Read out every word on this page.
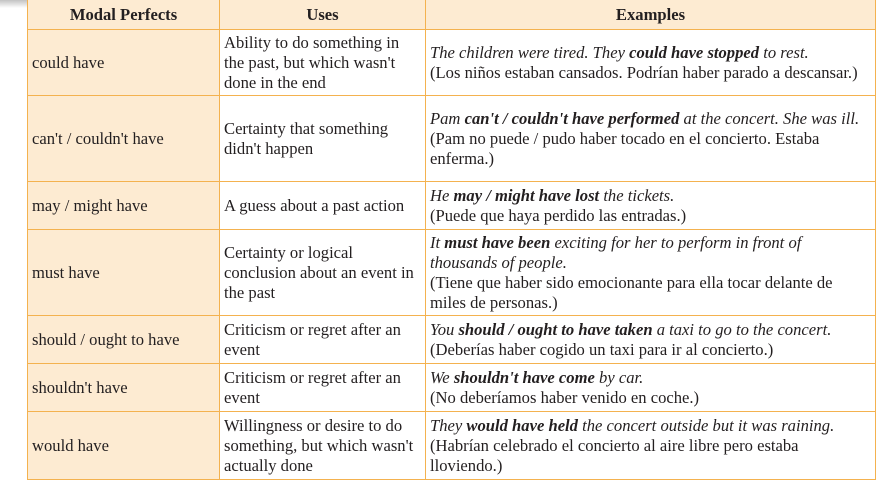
Modal Perfects	Uses	Examples
could have	Ability to do something in the past, but which wasn't done in the end	The children were tired. They could have stopped to rest.
(Los niños estaban cansados. Podrían haber parado a descansar.)

can't / couldn't have	Certainty that something didn't happen	Pam can't / couldn't have performed at the concert. She was ill.
(Pam no puede / pudo haber tocado en el concierto. Estaba enferma.)

may / might have	A guess about a past action	He may / might have lost the tickets.
(Puede que haya perdido las entradas.)

must have	Certainty or logical conclusion about an event in the past	It must have been exciting for her to perform in front of thousands of people.
(Tiene que haber sido emocionante para ella tocar delante de miles de personas.)

should / ought to have	Criticism or regret after an event	You should / ought to have taken a taxi to go to the concert.
(Deberías haber cogido un taxi para ir al concierto.)

shouldn't have	Criticism or regret after an event	We shouldn't have come by car.
(No deberíamos haber venido en coche.)

would have	Willingness or desire to do something, but which wasn't actually done	They would have held the concert outside but it was raining.
(Habrían celebrado el concierto al aire libre pero estaba lloviendo.)
